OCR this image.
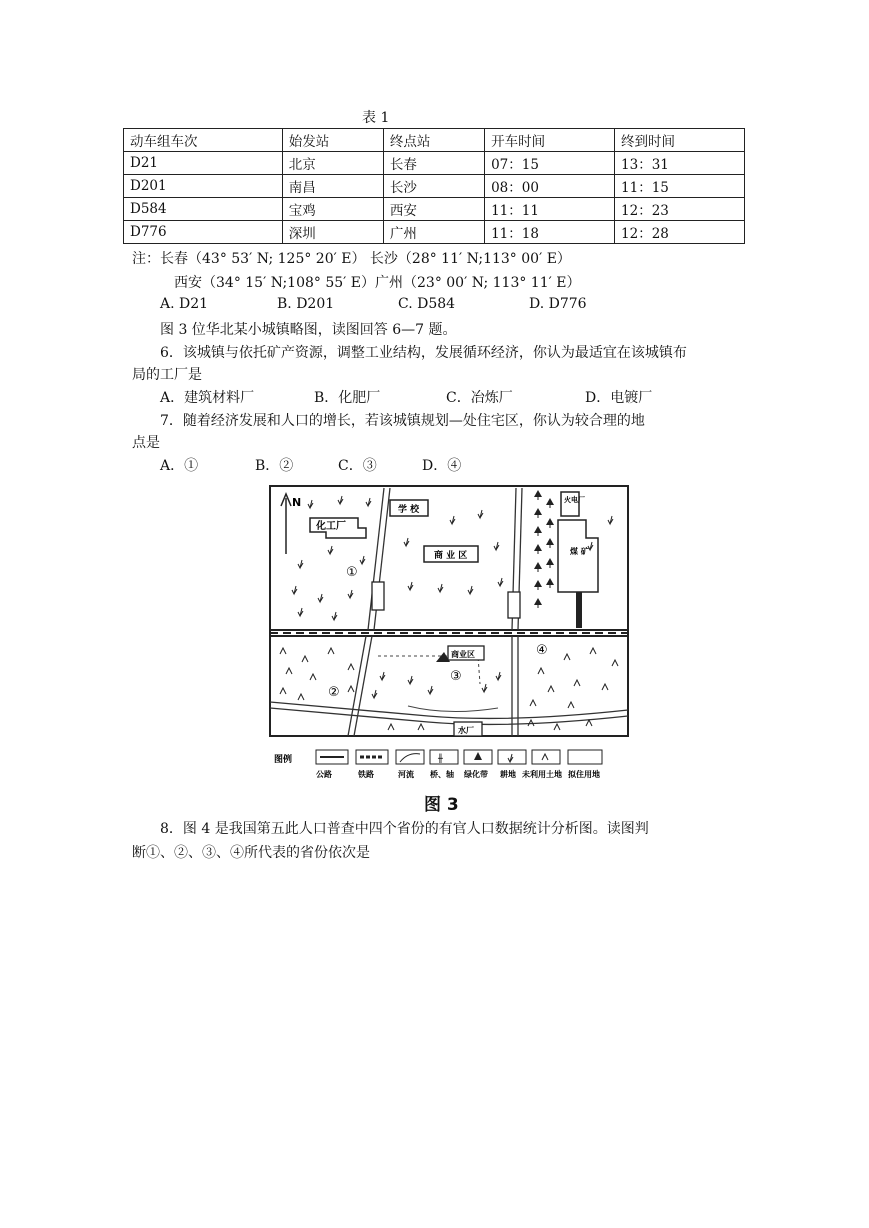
表 1
动车组车次	始发站	终点站	开车时间	终到时间
D21	北京	长春	07：15	13：31
D201	南昌	长沙	08：00	11：15
D584	宝鸡	西安	11：11	12：23
D776	深圳	广州	11：18	12：28
注：长春（43° 53′ N; 125° 20′ E） 长沙（28° 11′ N;113° 00′ E）
西安（34° 15′ N;108° 55′ E）广州（23° 00′ N; 113° 11′ E）
A. D21	B. D201	C. D584	D. D776
图 3 位华北某小城镇略图，读图回答 6—7 题。
6．该城镇与依托矿产资源，调整工业结构，发展循环经济，你认为最适宜在该城镇布
局的工厂是
A．建筑材料厂	B．化肥厂	C．冶炼厂	D．电镀厂
7．随着经济发展和人口的增长，若该城镇规划—处住宅区，你认为较合理的地
点是
A．①	B．②	C．③	D．④
N
化工厂
学 校
商 业 区
火电厂
煤 矿
商业区
水厂
①
②
③
④
图例	╫
公路	铁路	河流 桥、轴 绿化带 耕地 未利用土地 拟住用地
图 3
8．图 4 是我国第五此人口普查中四个省份的有官人口数据统计分析图。读图判
断①、②、③、④所代表的省份依次是
